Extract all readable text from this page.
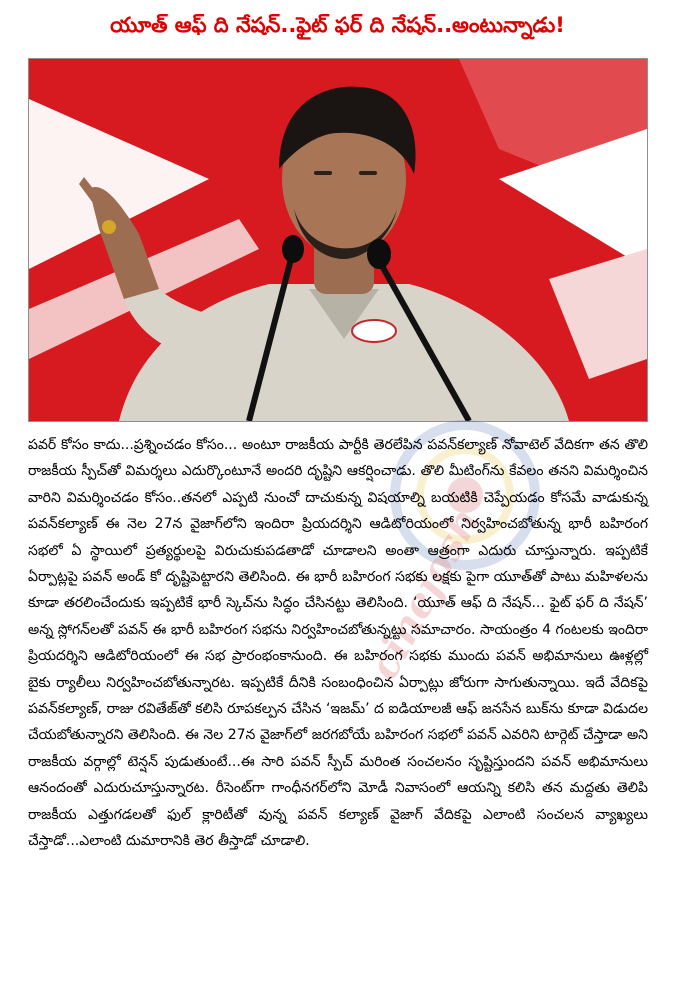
యూత్ ఆఫ్ ది నేషన్..ఫైట్ ఫర్ ది నేషన్..అంటున్నాడు!
cinejosh

పవర్ కోసం కాదు...ప్రశ్నించడం కోసం... అంటూ రాజకీయ పార్టీకి తెరలేపిన పవన్‌కల్యాణ్ నోవాటెల్ వేదికగా తన తొలి రాజకీయ స్పీచ్‌తో విమర్శలు ఎదుర్కొంటూనే అందరి దృష్టిని ఆకర్షించాడు. తొలి మీటింగ్‌ను కేవలం తనని విమర్శించిన వారిని విమర్శించడం కోసం..తనలో ఎప్పటి నుంచో దాచుకున్న విషయాల్ని బయటికి చెప్పేయడం కోసమే వాడుకున్న పవన్‌కల్యాణ్ ఈ నెల 27న వైజాగ్‌లోని ఇందిరా ప్రియదర్శిని ఆడిటోరియంలో నిర్వహించబోతున్న భారీ బహిరంగ సభలో ఏ స్థాయిలో ప్రత్యర్థులపై విరుచుకుపడతాడో చూడాలని అంతా ఆత్రంగా ఎదురు చూస్తున్నారు. ఇప్పటికే ఏర్పాట్లపై పవన్ అండ్ కో దృష్టిపెట్టారని తెలిసింది. ఈ భారీ బహిరంగ సభకు లక్షకు పైగా యూత్‌తో పాటు మహిళలను కూడా తరలించేందుకు ఇప్పటికే భారీ స్కెచ్‌ను సిద్ధం చేసినట్టు తెలిసింది. ‘యూత్ ఆఫ్ ది నేషన్... ఫైట్ ఫర్ ది నేషన్’ అన్న స్లోగన్‌లతో పవన్ ఈ భారీ బహిరంగ సభను నిర్వహించబోతున్నట్టు సమాచారం. సాయంత్రం 4 గంటలకు ఇందిరా ప్రియదర్శిని ఆడిటోరియంలో ఈ సభ ప్రారంభంకానుంది. ఈ బహిరంగ సభకు ముందు పవన్ అభిమానులు ఊళ్లల్లో బైకు ర్యాలీలు నిర్వహించబోతున్నారట. ఇప్పటికే దీనికి సంబంధించిన ఏర్పాట్లు జోరుగా సాగుతున్నాయి. ఇదే వేదికపై పవన్‌కల్యాణ్, రాజు రవితేజ్‌తో కలిసి రూపకల్పన చేసిన ‘ఇజమ్’ ద ఐడియాలజీ ఆఫ్ జనసేన బుక్‌ను కూడా విడుదల చేయబోతున్నారని తెలిసింది. ఈ నెల 27న వైజాగ్‌లో జరగబోయే బహిరంగ సభలో పవన్ ఎవరిని టార్గెట్ చేస్తాడా అని రాజకీయ వర్గాల్లో టెన్షన్ పుడుతుంటే...ఈ సారి పవన్ స్పీచ్ మరింత సంచలనం సృష్టిస్తుందని పవన్ అభిమానులు ఆనందంతో ఎదురుచూస్తున్నారట. రీసెంట్‌గా గాంధీనగర్‌లోని మోడీ నివాసంలో ఆయన్ని కలిసి తన మద్దతు తెలిపి రాజకీయ ఎత్తుగడలతో ఫుల్ క్లారిటీతో వున్న పవన్ కల్యాణ్ వైజాగ్ వేదికపై ఎలాంటి సంచలన వ్యాఖ్యలు చేస్తాడో...ఎలాంటి దుమారానికి తెర తీస్తాడో చూడాలి.
